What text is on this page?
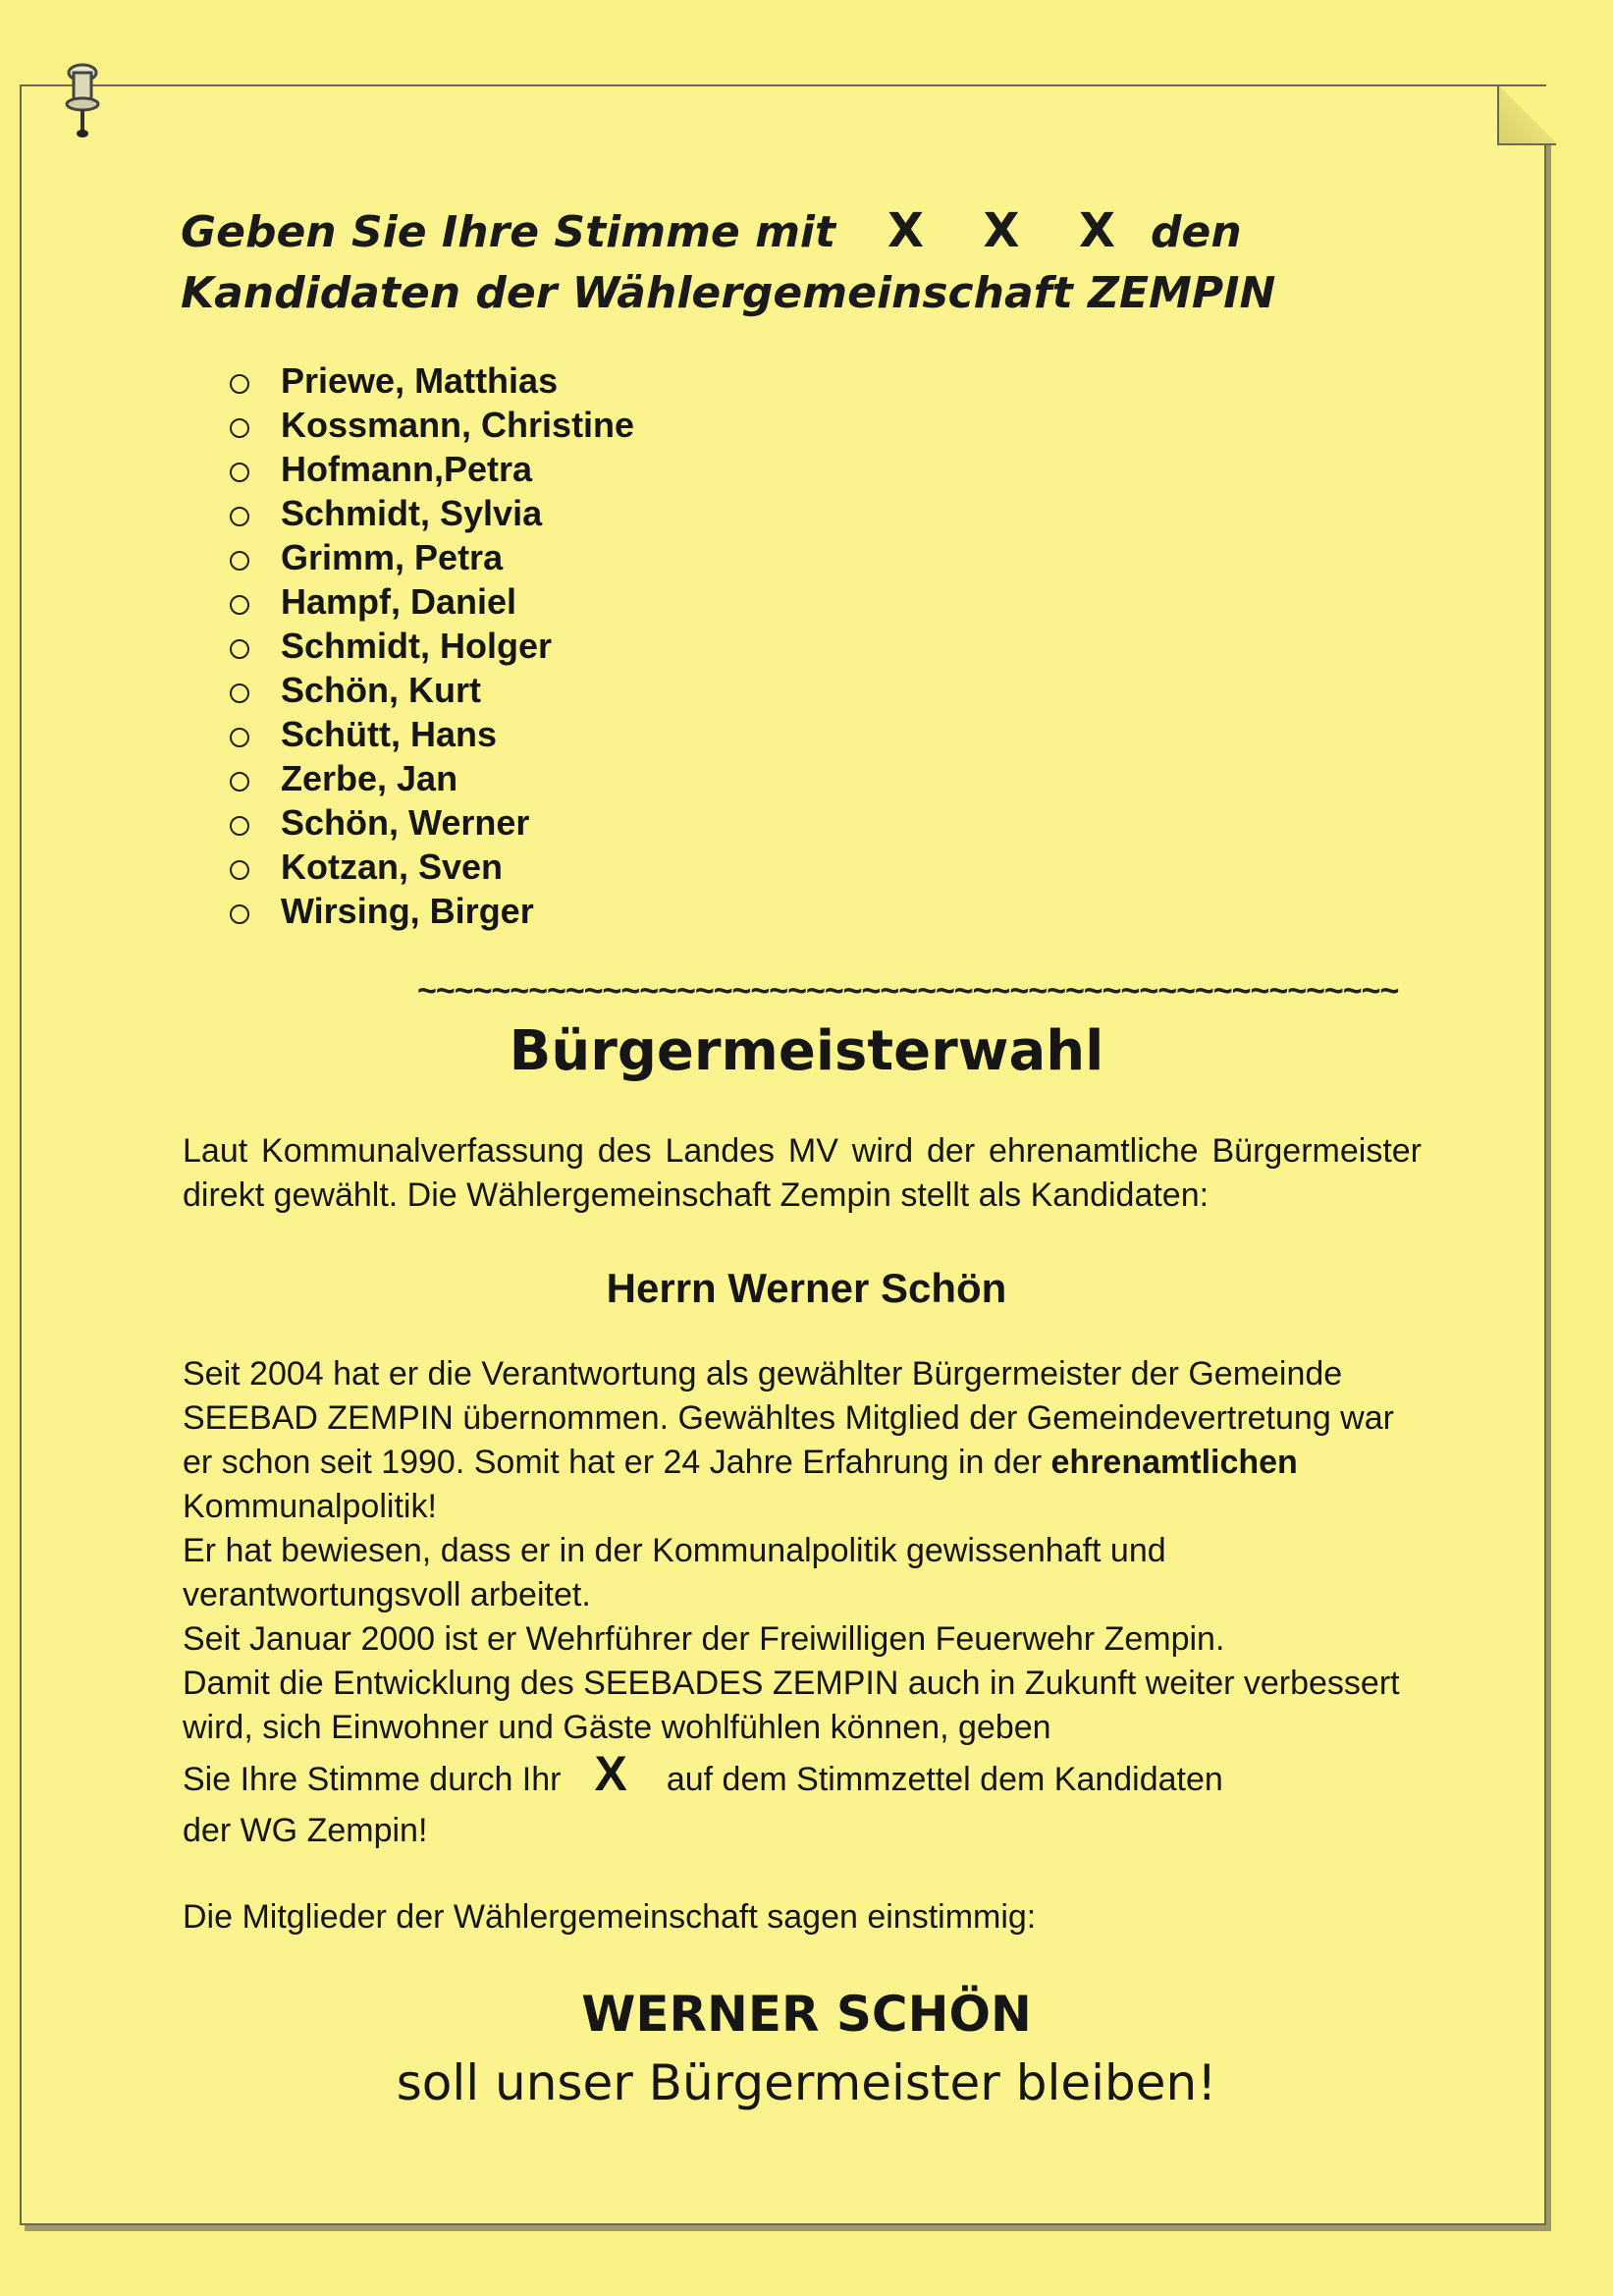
Geben Sie Ihre Stimme mit	X X X den
Kandidaten der Wählergemeinschaft ZEMPIN
Priewe, Matthias
Kossmann, Christine
Hofmann,Petra
Schmidt, Sylvia
Grimm, Petra
Hampf, Daniel
Schmidt, Holger
Schön, Kurt
Schütt, Hans
Zerbe, Jan
Schön, Werner
Kotzan, Sven
Wirsing, Birger
~~~~~~~~~~~~~~~~~~~~~~~~~~~~~~~~~~~~~~~~~~~~~~~~~~~~~
Bürgermeisterwahl
Laut Kommunalverfassung des Landes MV wird der ehrenamtliche Bürgermeister direkt gewählt. Die Wählergemeinschaft Zempin stellt als Kandidaten:
Herrn Werner Schön

Seit 2004 hat er die Verantwortung als gewählter Bürgermeister der Gemeinde SEEBAD ZEMPIN übernommen. Gewähltes Mitglied der Gemeindevertretung war er schon seit 1990. Somit hat er 24 Jahre Erfahrung in der ehrenamtlichen Kommunalpolitik!

Er hat bewiesen, dass er in der Kommunalpolitik gewissenhaft und verantwortungsvoll arbeitet.

Seit Januar 2000 ist er Wehrführer der Freiwilligen Feuerwehr Zempin.

Damit die Entwicklung des SEEBADES ZEMPIN auch in Zukunft weiter verbessert wird, sich Einwohner und Gäste wohlfühlen können, geben

Sie Ihre Stimme durch Ihr X auf dem Stimmzettel dem Kandidaten

der WG Zempin!

Die Mitglieder der Wählergemeinschaft sagen einstimmig:
WERNER SCHÖN
soll unser Bürgermeister bleiben!
